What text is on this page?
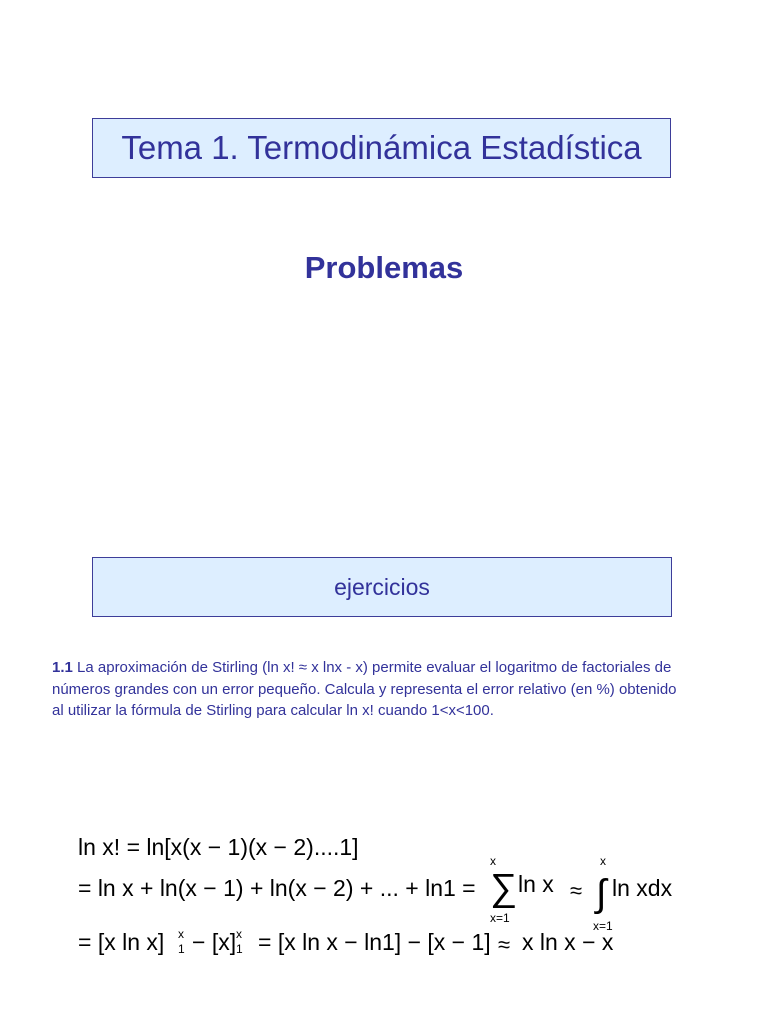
Tema 1. Termodinámica Estadística
Problemas
ejercicios
1.1 La aproximación de Stirling (ln x! ≈ x lnx - x) permite evaluar el logaritmo de factoriales de números grandes con un error pequeño. Calcula y representa el error relativo (en %) obtenido al utilizar la fórmula de Stirling para calcular ln x! cuando 1<x<100.
ln x! = ln[x(x − 1)(x − 2)....1]
= ln x + ln(x − 1) + ln(x − 2) + ... + ln1 =
x
∑
x=1
ln x ≈
x
∫
x=1
ln xdx
= [x ln x] x
1 − [x] x
1 = [x ln x − ln1] − [x − 1] ≈ x ln x − x
